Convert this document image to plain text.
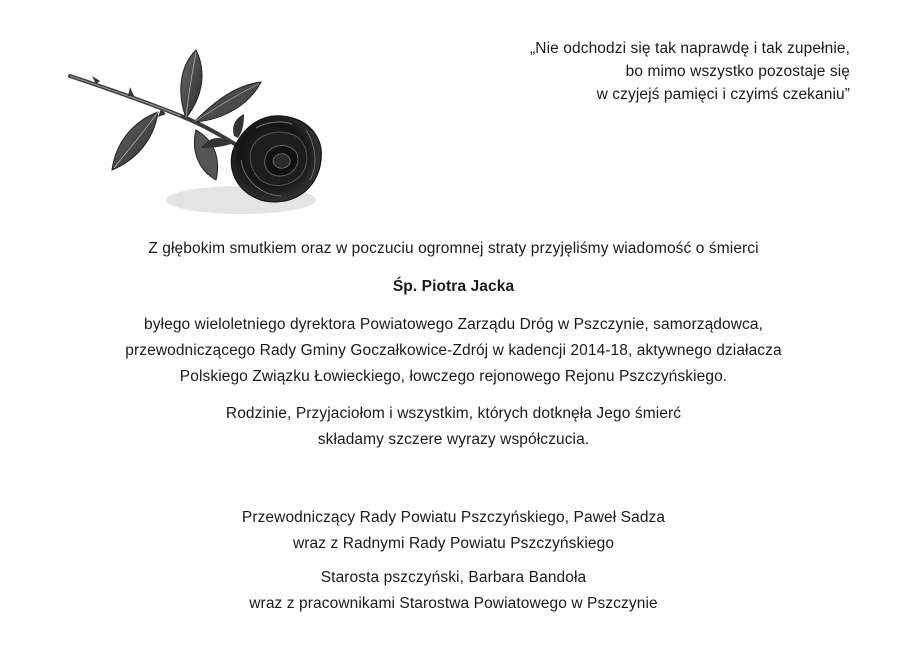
„Nie odchodzi się tak naprawdę i tak zupełnie,
bo mimo wszystko pozostaje się
w czyjejś pamięci i czyimś czekaniu”
Z głębokim smutkiem oraz w poczuciu ogromnej straty przyjęliśmy wiadomość o śmierci
Śp. Piotra Jacka
byłego wieloletniego dyrektora Powiatowego Zarządu Dróg w Pszczynie, samorządowca,
przewodniczącego Rady Gminy Goczałkowice-Zdrój w kadencji 2014-18, aktywnego działacza
Polskiego Związku Łowieckiego, łowczego rejonowego Rejonu Pszczyńskiego.
Rodzinie, Przyjaciołom i wszystkim, których dotknęła Jego śmierć
składamy szczere wyrazy współczucia.
Przewodniczący Rady Powiatu Pszczyńskiego, Paweł Sadza
wraz z Radnymi Rady Powiatu Pszczyńskiego
Starosta pszczyński, Barbara Bandoła
wraz z pracownikami Starostwa Powiatowego w Pszczynie
